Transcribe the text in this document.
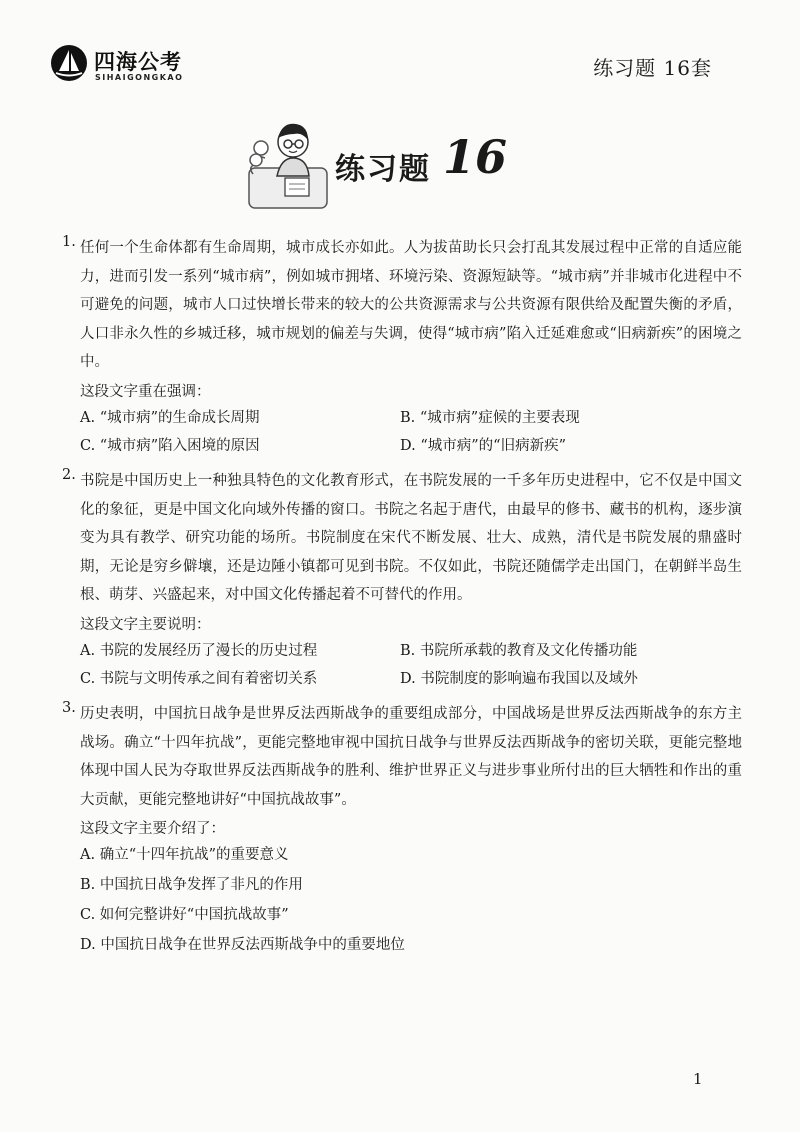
四海公考
SIHAIGONGKAO	练习题 16套
练习题 16
1. 任何一个生命体都有生命周期，城市成长亦如此。人为拔苗助长只会打乱其发展过程中正常的自适应能力，进而引发一系列“城市病”，例如城市拥堵、环境污染、资源短缺等。“城市病”并非城市化进程中不可避免的问题，城市人口过快增长带来的较大的公共资源需求与公共资源有限供给及配置失衡的矛盾，人口非永久性的乡城迁移，城市规划的偏差与失调，使得“城市病”陷入迁延难愈或“旧病新疾”的困境之中。
这段文字重在强调：
A. “城市病”的生命成长周期	B. “城市病”症候的主要表现
C. “城市病”陷入困境的原因	D. “城市病”的“旧病新疾”
2. 书院是中国历史上一种独具特色的文化教育形式，在书院发展的一千多年历史进程中，它不仅是中国文化的象征，更是中国文化向域外传播的窗口。书院之名起于唐代，由最早的修书、藏书的机构，逐步演变为具有教学、研究功能的场所。书院制度在宋代不断发展、壮大、成熟，清代是书院发展的鼎盛时期，无论是穷乡僻壤，还是边陲小镇都可见到书院。不仅如此，书院还随儒学走出国门，在朝鲜半岛生根、萌芽、兴盛起来，对中国文化传播起着不可替代的作用。
这段文字主要说明：
A. 书院的发展经历了漫长的历史过程	B. 书院所承载的教育及文化传播功能
C. 书院与文明传承之间有着密切关系	D. 书院制度的影响遍布我国以及域外
3. 历史表明，中国抗日战争是世界反法西斯战争的重要组成部分，中国战场是世界反法西斯战争的东方主战场。确立“十四年抗战”，更能完整地审视中国抗日战争与世界反法西斯战争的密切关联，更能完整地体现中国人民为夺取世界反法西斯战争的胜利、维护世界正义与进步事业所付出的巨大牺牲和作出的重大贡献，更能完整地讲好“中国抗战故事”。
这段文字主要介绍了：
A. 确立“十四年抗战”的重要意义
B. 中国抗日战争发挥了非凡的作用
C. 如何完整讲好“中国抗战故事”
D. 中国抗日战争在世界反法西斯战争中的重要地位
1
